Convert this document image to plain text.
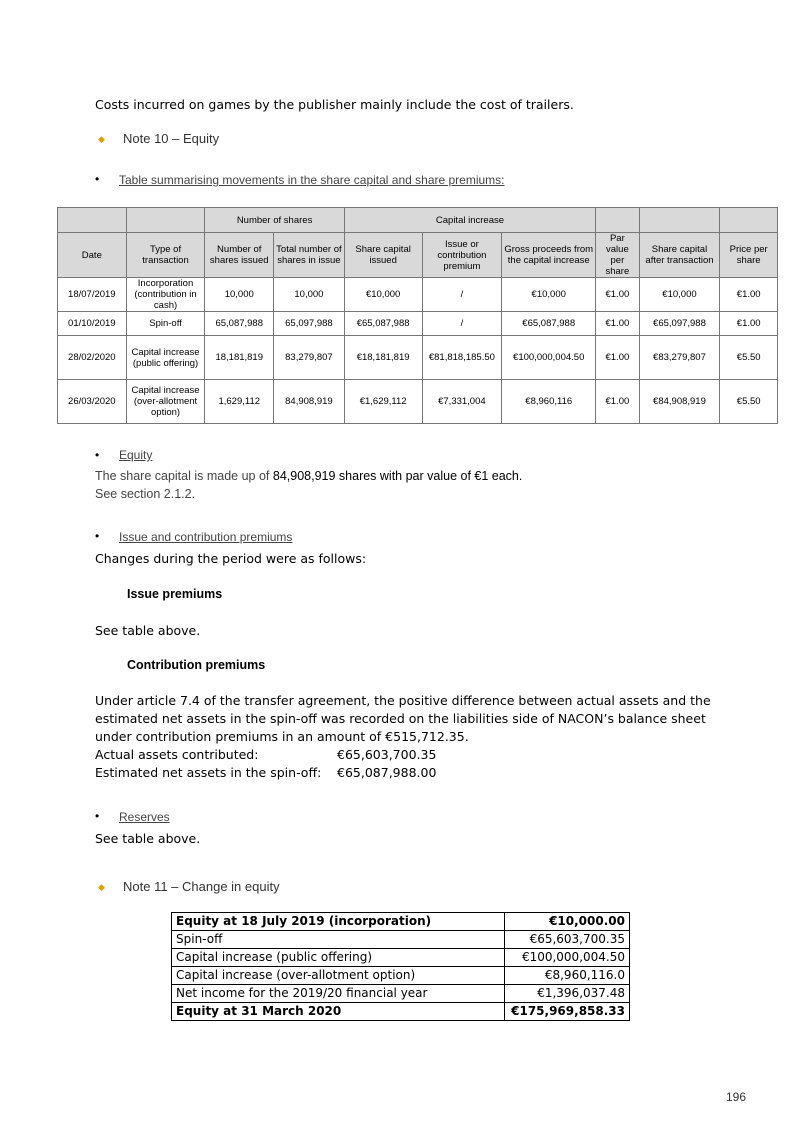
Costs incurred on games by the publisher mainly include the cost of trailers.
◆ Note 10 – Equity
• Table summarising movements in the share capital and share premiums:
		Number of shares		Capital increase					
Date	Type of transaction	Number of shares issued	Total number of shares in issue	Share capital issued	Issue or contribution premium	Gross proceeds from the capital increase	Par value per share	Share capital after transaction	Price per share
18/07/2019	Incorporation (contribution in cash)	10,000	10,000	€10,000	/	€10,000	€1.00	€10,000	€1.00
01/10/2019	Spin-off	65,087,988	65,097,988	€65,087,988	/	€65,087,988	€1.00	€65,097,988	€1.00
28/02/2020	Capital increase (public offering)	18,181,819	83,279,807	€18,181,819	€81,818,185.50	€100,000,004.50	€1.00	€83,279,807	€5.50
26/03/2020	Capital increase (over-allotment option)	1,629,112	84,908,919	€1,629,112	€7,331,004	€8,960,116	€1.00	€84,908,919	€5.50
• Equity
The share capital is made up of 84,908,919 shares with par value of €1 each.
See section 2.1.2.
• Issue and contribution premiums
Changes during the period were as follows:
Issue premiums
See table above.
Contribution premiums
Under article 7.4 of the transfer agreement, the positive difference between actual assets and the
estimated net assets in the spin-off was recorded on the liabilities side of NACON’s balance sheet
under contribution premiums in an amount of €515,712.35.
Actual assets contributed:	€65,603,700.35
Estimated net assets in the spin-off: €65,087,988.00
• Reserves
See table above.
◆ Note 11 – Change in equity
Equity at 18 July 2019 (incorporation)	€10,000.00
Spin-off	€65,603,700.35
Capital increase (public offering)	€100,000,004.50
Capital increase (over-allotment option)	€8,960,116.0
Net income for the 2019/20 financial year	€1,396,037.48
Equity at 31 March 2020	€175,969,858.33
196
